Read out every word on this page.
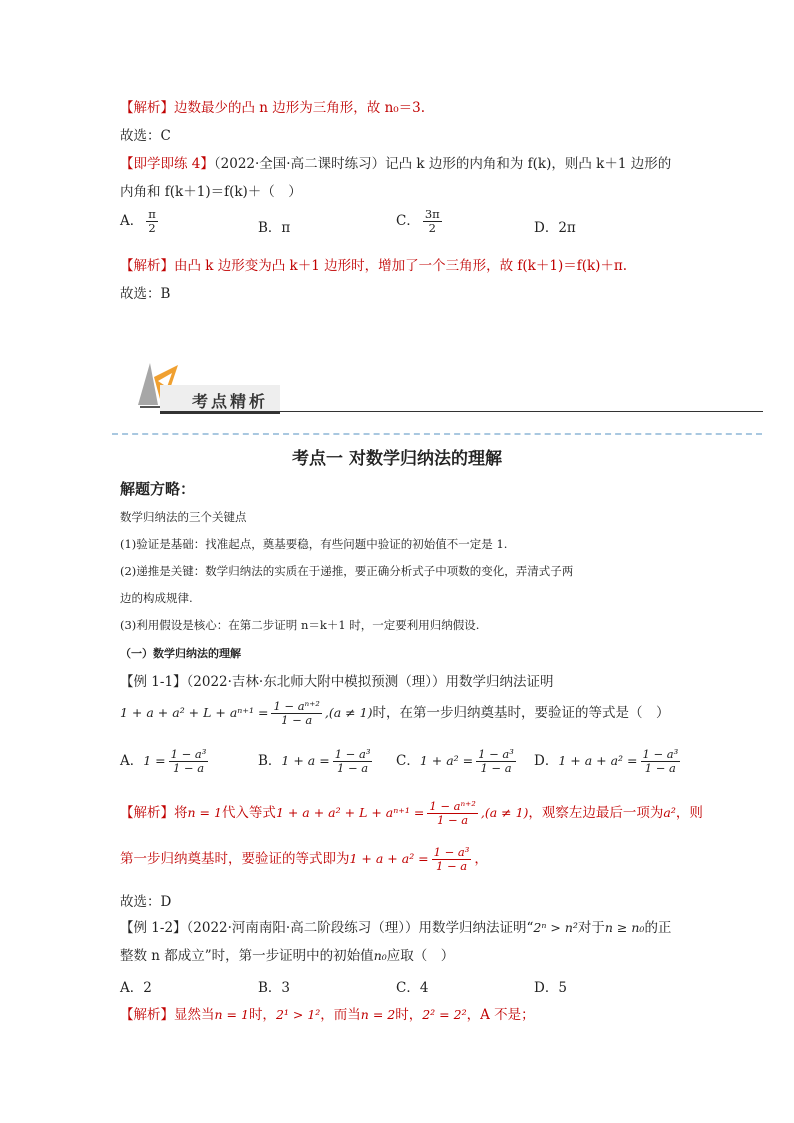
【解析】边数最少的凸 n 边形为三角形，故 n₀＝3.
故选：C
【即学即练 4】（2022·全国·高二课时练习）记凸 k 边形的内角和为 f(k)，则凸 k＋1 边形的
内角和 f(k＋1)＝f(k)＋（　）
A． $\frac{\pi}{2}$	B．π	C． $\frac{3\pi}{2}$	D．2π
【解析】由凸 k 边形变为凸 k＋1 边形时，增加了一个三角形，故 f(k＋1)＝f(k)＋π.
故选：B
考点精析
考点一 对数学归纳法的理解
解题方略：
数学归纳法的三个关键点
(1)验证是基础：找准起点，奠基要稳，有些问题中验证的初始值不一定是 1.
(2)递推是关键：数学归纳法的实质在于递推，要正确分析式子中项数的变化，弄清式子两
边的构成规律.
(3)利用假设是核心：在第二步证明 n＝k＋1 时，一定要利用归纳假设.
（一）数学归纳法的理解
【例 1-1】（2022·吉林·东北师大附中模拟预测（理））用数学归纳法证明
$1 + a + a^2 + L + a^{n+1} = \frac{\text{1 − aⁿ⁺²}}{1 - a} ,(a \ne 1)$时，在第一步归纳奠基时，要验证的等式是（　）
A．$1 = \frac{\text{1 − a³}}{1 - a}$	B．$1 + a = \frac{\text{1 − a³}}{1 - a}$ C．$1 + a^2 = \frac{\text{1 − a³}}{1 - a}$ D．$1 + a + a^2 = \frac{\text{1 − a³}}{1 - a}$
【解析】将n = 1代入等式$1 + a + a^2 + L + a^{n+1} = \frac{\text{1 − aⁿ⁺²}}{1 - a} ,(a \ne 1)$，观察左边最后一项为a²，则
第一步归纳奠基时，要验证的等式即为$1 + a + a^2 = \frac{\text{1 − a³}}{1 - a}$ ，
故选：D
【例 1-2】（2022·河南南阳·高二阶段练习（理））用数学归纳法证明“2ⁿ > n²对于n ≥ n₀的正
整数 n 都成立”时，第一步证明中的初始值n₀应取（　）
A．2	B．3	C．4	D．5
【解析】显然当n = 1时，2¹ > 1²，而当n = 2时，2² = 2²，A 不是；
